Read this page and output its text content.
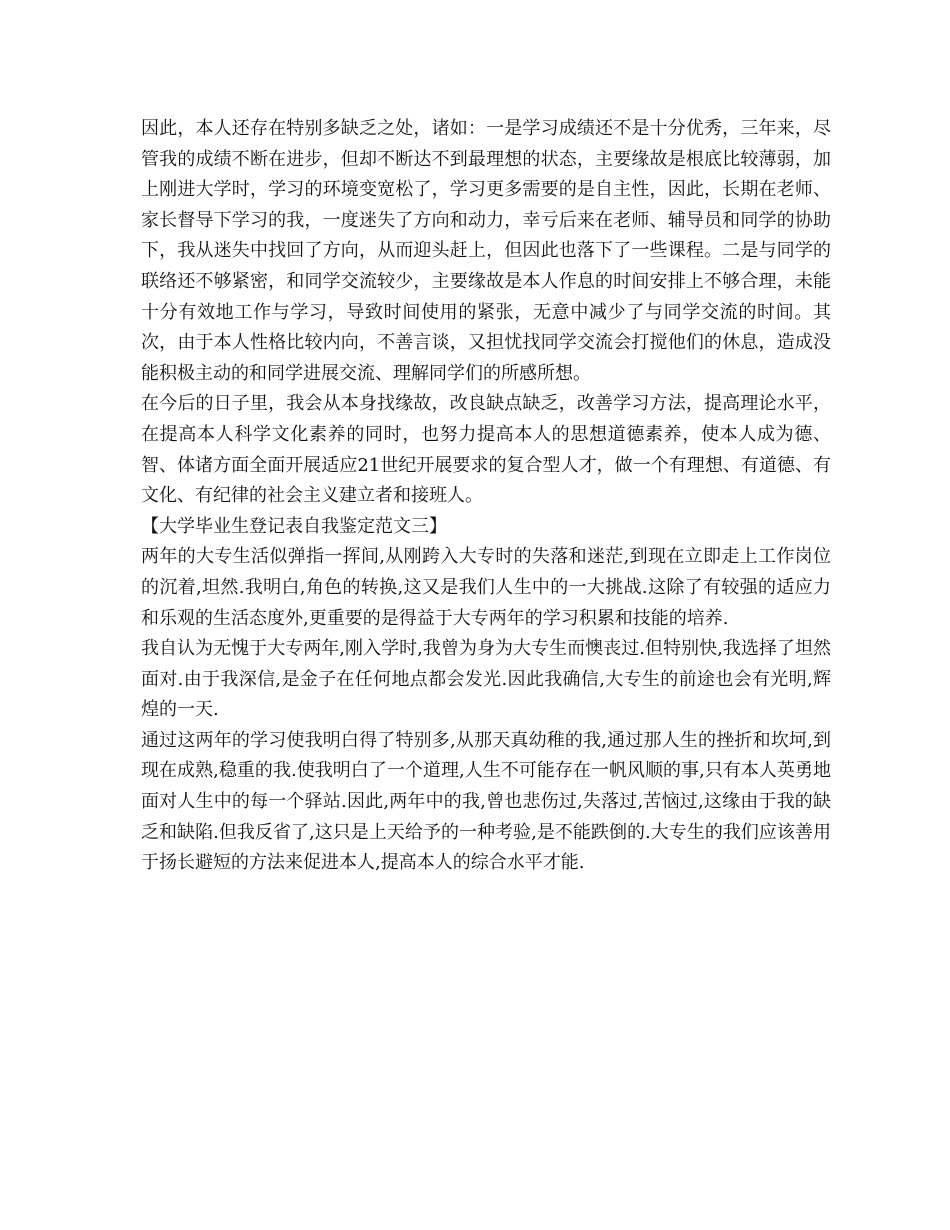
因此，本人还存在特别多缺乏之处，诸如：一是学习成绩还不是十分优秀，三年来，尽管我的成绩不断在进步，但却不断达不到最理想的状态，主要缘故是根底比较薄弱，加上刚进大学时，学习的环境变宽松了，学习更多需要的是自主性，因此，长期在老师、家长督导下学习的我，一度迷失了方向和动力，幸亏后来在老师、辅导员和同学的协助下，我从迷失中找回了方向，从而迎头赶上，但因此也落下了一些课程。二是与同学的联络还不够紧密，和同学交流较少，主要缘故是本人作息的时间安排上不够合理，未能十分有效地工作与学习，导致时间使用的紧张，无意中减少了与同学交流的时间。其次，由于本人性格比较内向，不善言谈，又担忧找同学交流会打搅他们的休息，造成没能积极主动的和同学进展交流、理解同学们的所感所想。

在今后的日子里，我会从本身找缘故，改良缺点缺乏，改善学习方法，提高理论水平，在提高本人科学文化素养的同时，也努力提高本人的思想道德素养，使本人成为德、智、体诸方面全面开展适应21世纪开展要求的复合型人才，做一个有理想、有道德、有文化、有纪律的社会主义建立者和接班人。

【大学毕业生登记表自我鉴定范文三】

两年的大专生活似弹指一挥间,从刚跨入大专时的失落和迷茫,到现在立即走上工作岗位的沉着,坦然.我明白,角色的转换,这又是我们人生中的一大挑战.这除了有较强的适应力和乐观的生活态度外,更重要的是得益于大专两年的学习积累和技能的培养.

我自认为无愧于大专两年,刚入学时,我曾为身为大专生而懊丧过.但特别快,我选择了坦然面对.由于我深信,是金子在任何地点都会发光.因此我确信,大专生的前途也会有光明,辉煌的一天.

通过这两年的学习使我明白得了特别多,从那天真幼稚的我,通过那人生的挫折和坎坷,到现在成熟,稳重的我.使我明白了一个道理,人生不可能存在一帆风顺的事,只有本人英勇地面对人生中的每一个驿站.因此,两年中的我,曾也悲伤过,失落过,苦恼过,这缘由于我的缺乏和缺陷.但我反省了,这只是上天给予的一种考验,是不能跌倒的.大专生的我们应该善用于扬长避短的方法来促进本人,提高本人的综合水平才能.
